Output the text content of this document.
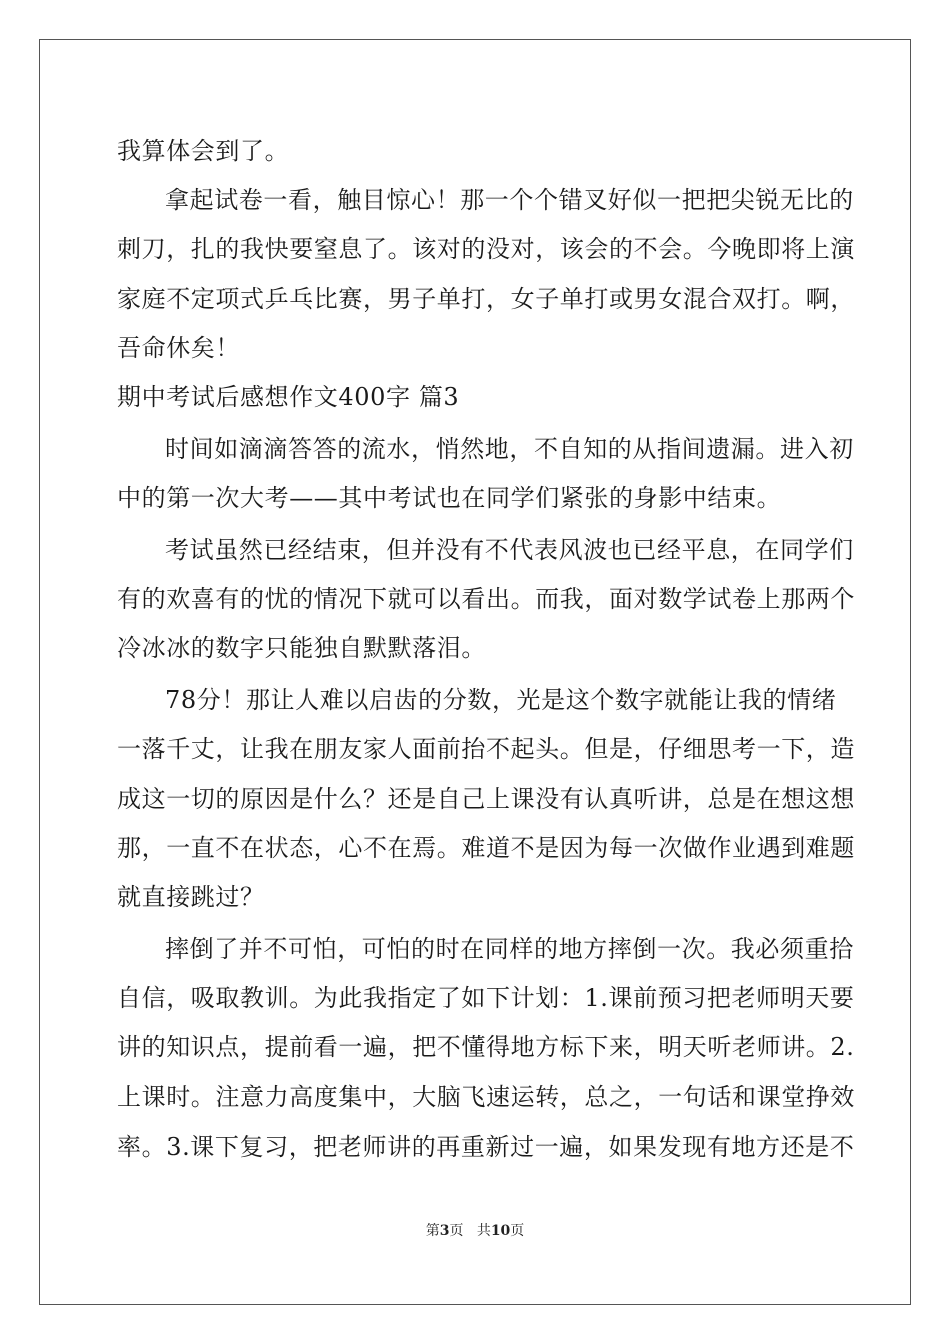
我算体会到了。
拿起试卷一看，触目惊心！那一个个错叉好似一把把尖锐无比的
刺刀，扎的我快要窒息了。该对的没对，该会的不会。今晚即将上演
家庭不定项式乒乓比赛，男子单打，女子单打或男女混合双打。啊，
吾命休矣！
期中考试后感想作文400字 篇3
时间如滴滴答答的流水，悄然地，不自知的从指间遗漏。进入初
中的第一次大考——其中考试也在同学们紧张的身影中结束。
考试虽然已经结束，但并没有不代表风波也已经平息，在同学们
有的欢喜有的忧的情况下就可以看出。而我，面对数学试卷上那两个
冷冰冰的数字只能独自默默落泪。
78分！那让人难以启齿的分数，光是这个数字就能让我的情绪
一落千丈，让我在朋友家人面前抬不起头。但是，仔细思考一下，造
成这一切的原因是什么？还是自己上课没有认真听讲，总是在想这想
那，一直不在状态，心不在焉。难道不是因为每一次做作业遇到难题
就直接跳过？
摔倒了并不可怕，可怕的时在同样的地方摔倒一次。我必须重拾
自信，吸取教训。为此我指定了如下计划：1.课前预习把老师明天要
讲的知识点，提前看一遍，把不懂得地方标下来，明天听老师讲。2.
上课时。注意力高度集中，大脑飞速运转，总之，一句话和课堂挣效
率。3.课下复习，把老师讲的再重新过一遍，如果发现有地方还是不
第3页 共10页
